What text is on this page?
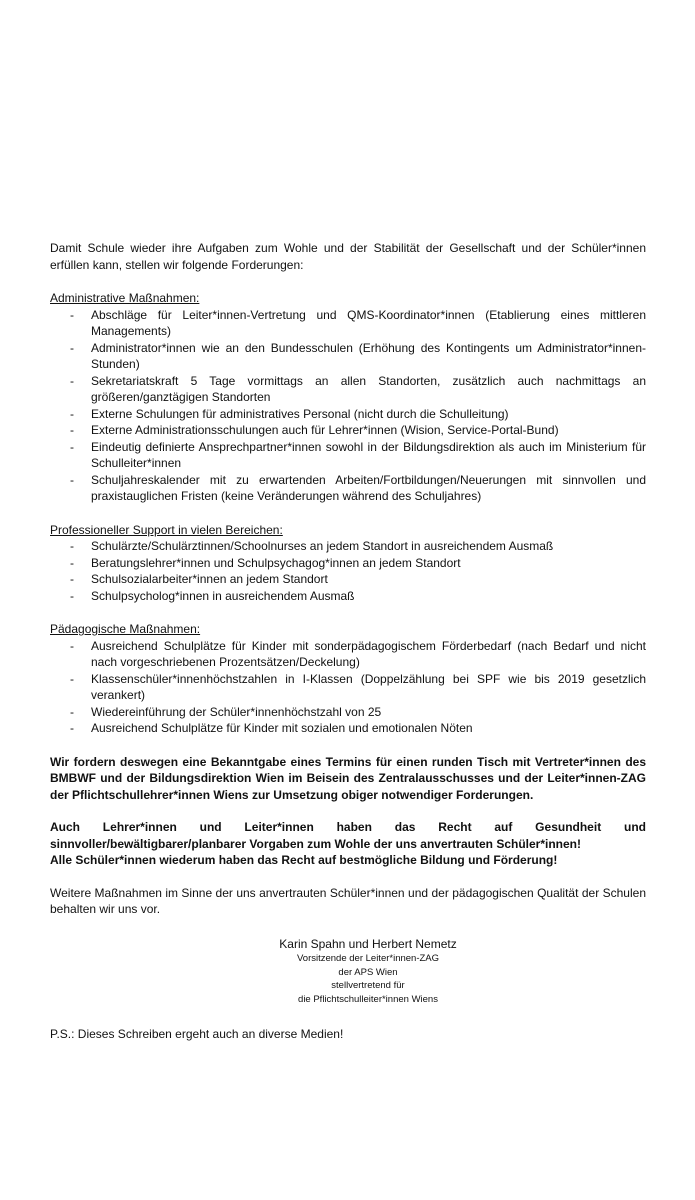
Damit Schule wieder ihre Aufgaben zum Wohle und der Stabilität der Gesellschaft und der Schüler*innen erfüllen kann, stellen wir folgende Forderungen:

Administrative Maßnahmen:

- Abschläge für Leiter*innen-Vertretung und QMS-Koordinator*innen (Etablierung eines mittleren Managements)
- Administrator*innen wie an den Bundesschulen (Erhöhung des Kontingents um Administrator*innen-Stunden)
- Sekretariatskraft 5 Tage vormittags an allen Standorten, zusätzlich auch nachmittags an größeren/ganztägigen Standorten
- Externe Schulungen für administratives Personal (nicht durch die Schulleitung)
- Externe Administrationsschulungen auch für Lehrer*innen (Wision, Service-Portal-Bund)
- Eindeutig definierte Ansprechpartner*innen sowohl in der Bildungsdirektion als auch im Ministerium für Schulleiter*innen
- Schuljahreskalender mit zu erwartenden Arbeiten/Fortbildungen/Neuerungen mit sinnvollen und praxistauglichen Fristen (keine Veränderungen während des Schuljahres)

Professioneller Support in vielen Bereichen:

- Schulärzte/Schulärztinnen/Schoolnurses an jedem Standort in ausreichendem Ausmaß
- Beratungslehrer*innen und Schulpsychagog*innen an jedem Standort
- Schulsozialarbeiter*innen an jedem Standort
- Schulpsycholog*innen in ausreichendem Ausmaß

Pädagogische Maßnahmen:

- Ausreichend Schulplätze für Kinder mit sonderpädagogischem Förderbedarf (nach Bedarf und nicht nach vorgeschriebenen Prozentsätzen/Deckelung)
- Klassenschüler*innenhöchstzahlen in I-Klassen (Doppelzählung bei SPF wie bis 2019 gesetzlich verankert)
- Wiedereinführung der Schüler*innenhöchstzahl von 25
- Ausreichend Schulplätze für Kinder mit sozialen und emotionalen Nöten

Wir fordern deswegen eine Bekanntgabe eines Termins für einen runden Tisch mit Vertreter*innen des BMBWF und der Bildungsdirektion Wien im Beisein des Zentralausschusses und der Leiter*innen-ZAG der Pflichtschullehrer*innen Wiens zur Umsetzung obiger notwendiger Forderungen.

Auch Lehrer*innen und Leiter*innen haben das Recht auf Gesundheit und sinnvoller/bewältigbarer/planbarer Vorgaben zum Wohle der uns anvertrauten Schüler*innen!

Alle Schüler*innen wiederum haben das Recht auf bestmögliche Bildung und Förderung!

Weitere Maßnahmen im Sinne der uns anvertrauten Schüler*innen und der pädagogischen Qualität der Schulen behalten wir uns vor.

Karin Spahn und Herbert Nemetz
Vorsitzende der Leiter*innen-ZAG
der APS Wien
stellvertretend für
die Pflichtschulleiter*innen Wiens

P.S.: Dieses Schreiben ergeht auch an diverse Medien!
